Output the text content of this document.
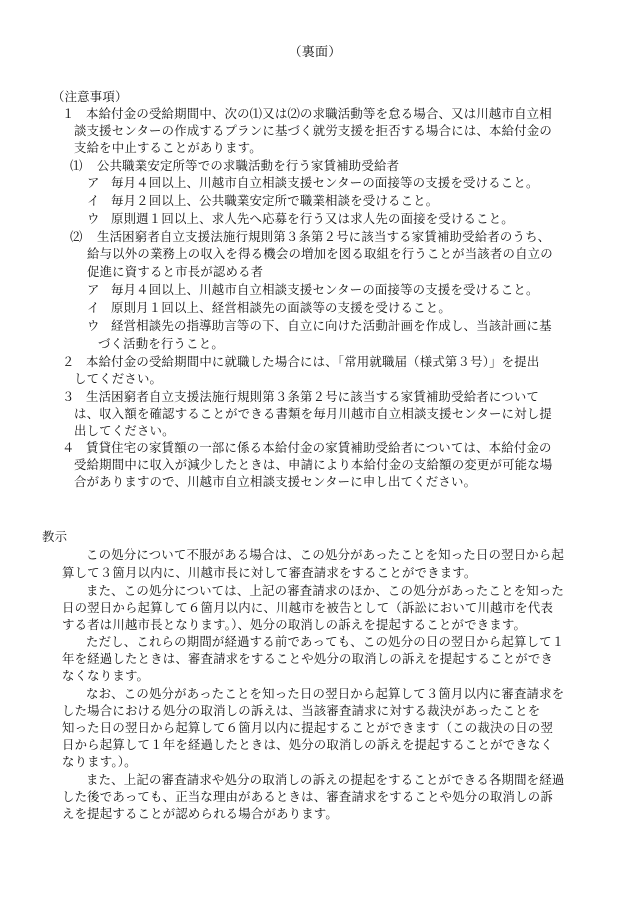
（裏面）
（注意事項）
１ 本給付金の受給期間中、次の⑴又は⑵の求職活動等を怠る場合、又は川越市自立相
談支援センターの作成するプランに基づく就労支援を拒否する場合には、本給付金の
支給を中止することがあります。
⑴ 公共職業安定所等での求職活動を行う家賃補助受給者
ア 毎月４回以上、川越市自立相談支援センターの面接等の支援を受けること。
イ 毎月２回以上、公共職業安定所で職業相談を受けること。
ウ 原則週１回以上、求人先へ応募を行う又は求人先の面接を受けること。
⑵ 生活困窮者自立支援法施行規則第３条第２号に該当する家賃補助受給者のうち、
給与以外の業務上の収入を得る機会の増加を図る取組を行うことが当該者の自立の
促進に資すると市長が認める者
ア 毎月４回以上、川越市自立相談支援センターの面接等の支援を受けること。
イ 原則月１回以上、経営相談先の面談等の支援を受けること。
ウ 経営相談先の指導助言等の下、自立に向けた活動計画を作成し、当該計画に基
づく活動を行うこと。
２ 本給付金の受給期間中に就職した場合には、「常用就職届（様式第３号）」を提出
してください。
３ 生活困窮者自立支援法施行規則第３条第２号に該当する家賃補助受給者について
は、収入額を確認することができる書類を毎月川越市自立相談支援センターに対し提
出してください。
４ 賃貸住宅の家賃額の一部に係る本給付金の家賃補助受給者については、本給付金の
受給期間中に収入が減少したときは、申請により本給付金の支給額の変更が可能な場
合がありますので、川越市自立相談支援センターに申し出てください。
教示
この処分について不服がある場合は、この処分があったことを知った日の翌日から起
算して３箇月以内に、川越市長に対して審査請求をすることができます。
また、この処分については、上記の審査請求のほか、この処分があったことを知った
日の翌日から起算して６箇月以内に、川越市を被告として（訴訟において川越市を代表
する者は川越市長となります。）、処分の取消しの訴えを提起することができます。
ただし、これらの期間が経過する前であっても、この処分の日の翌日から起算して１
年を経過したときは、審査請求をすることや処分の取消しの訴えを提起することができ
なくなります。
なお、この処分があったことを知った日の翌日から起算して３箇月以内に審査請求を
した場合における処分の取消しの訴えは、当該審査請求に対する裁決があったことを
知った日の翌日から起算して６箇月以内に提起することができます（この裁決の日の翌
日から起算して１年を経過したときは、処分の取消しの訴えを提起することができなく
なります。）。
また、上記の審査請求や処分の取消しの訴えの提起をすることができる各期間を経過
した後であっても、正当な理由があるときは、審査請求をすることや処分の取消しの訴
えを提起することが認められる場合があります。
